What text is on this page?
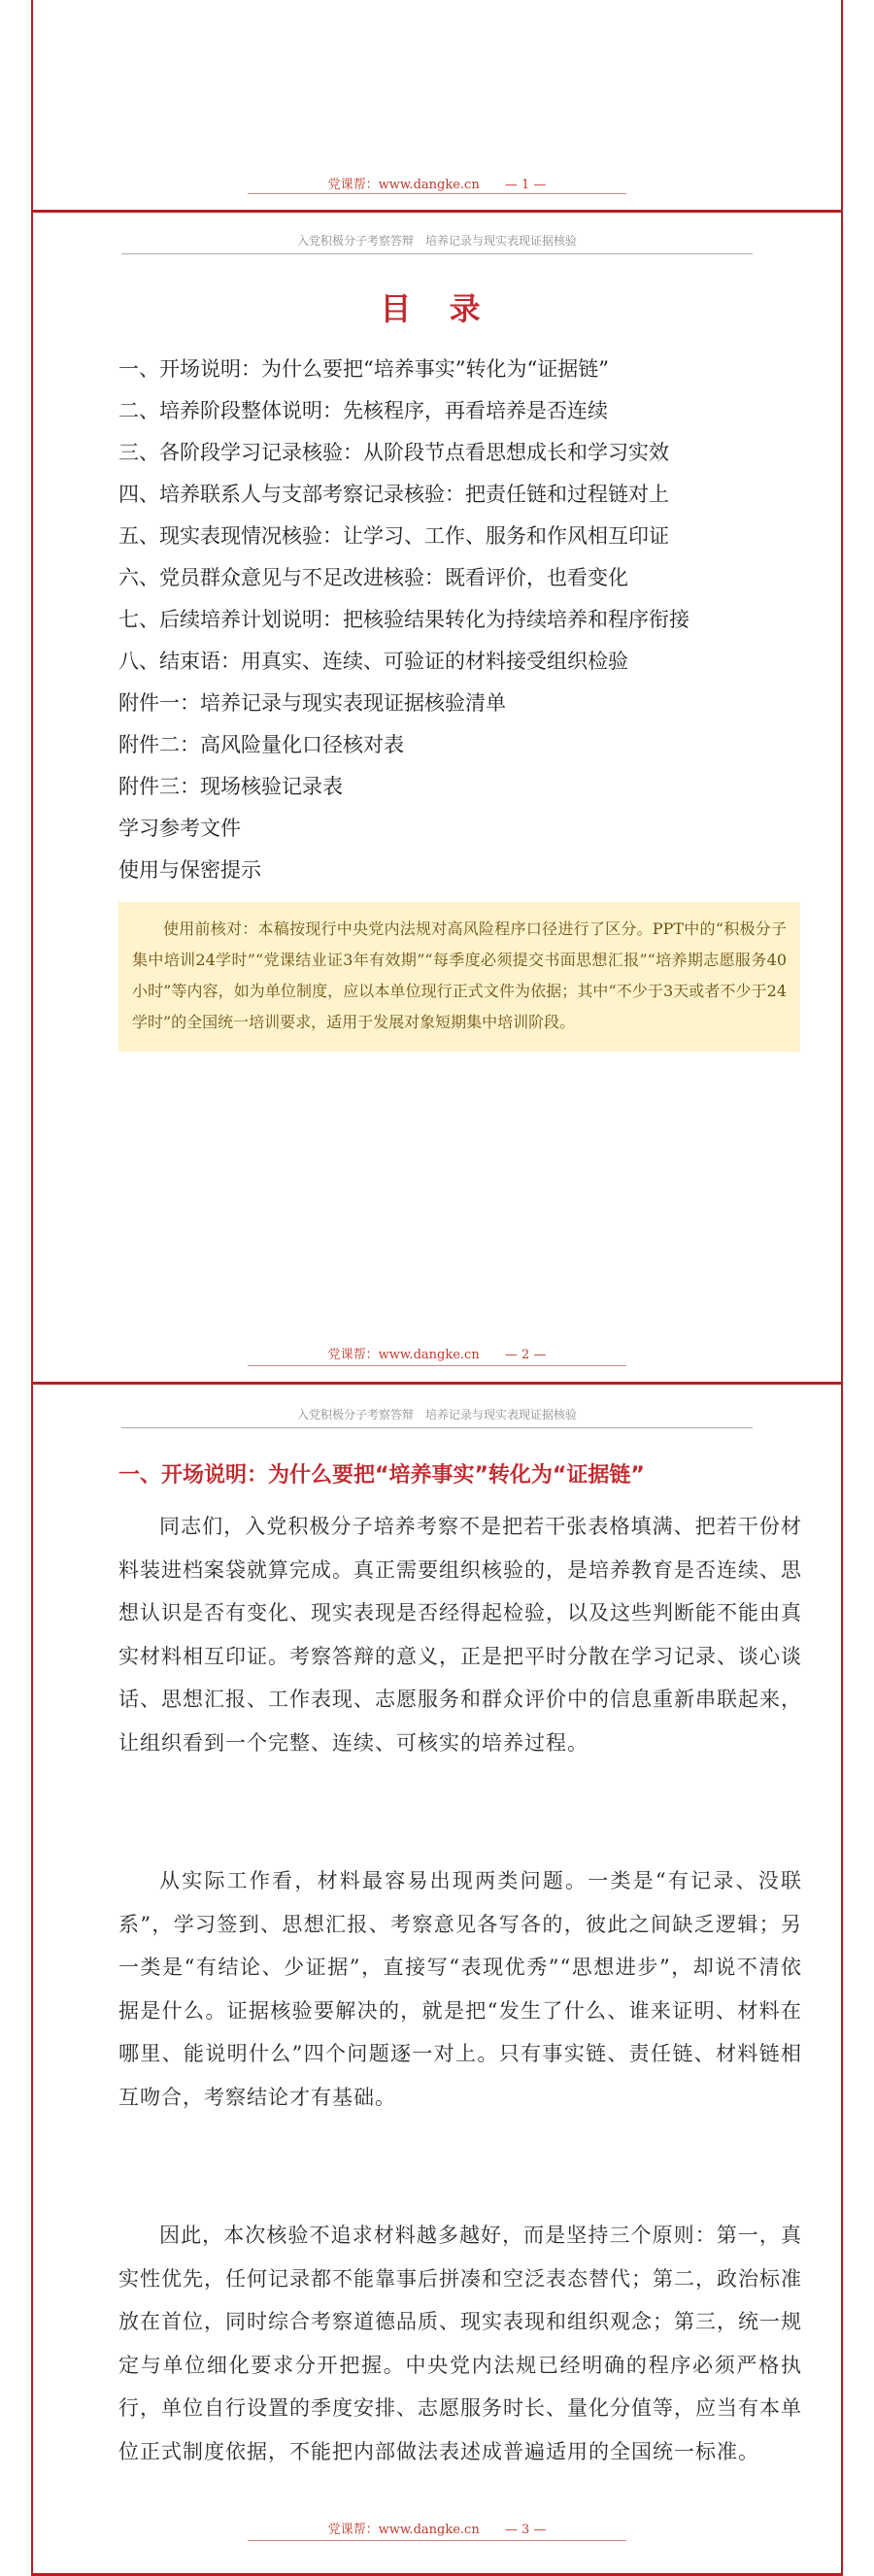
党课帮：www.dangke.cn — 1 —
入党积极分子考察答辩　培养记录与现实表现证据核验
目 录
一、开场说明：为什么要把“培养事实”转化为“证据链”
二、培养阶段整体说明：先核程序，再看培养是否连续
三、各阶段学习记录核验：从阶段节点看思想成长和学习实效
四、培养联系人与支部考察记录核验：把责任链和过程链对上
五、现实表现情况核验：让学习、工作、服务和作风相互印证
六、党员群众意见与不足改进核验：既看评价，也看变化
七、后续培养计划说明：把核验结果转化为持续培养和程序衔接
八、结束语：用真实、连续、可验证的材料接受组织检验
附件一：培养记录与现实表现证据核验清单
附件二：高风险量化口径核对表
附件三：现场核验记录表
学习参考文件
使用与保密提示
使用前核对：本稿按现行中央党内法规对高风险程序口径进行了区分。PPT中的“积极分子集中培训24学时”“党课结业证3年有效期”“每季度必须提交书面思想汇报”“培养期志愿服务40小时”等内容，如为单位制度，应以本单位现行正式文件为依据；其中“不少于3天或者不少于24学时”的全国统一培训要求，适用于发展对象短期集中培训阶段。
党课帮：www.dangke.cn — 2 —
入党积极分子考察答辩　培养记录与现实表现证据核验
一、开场说明：为什么要把“培养事实”转化为“证据链”
同志们，入党积极分子培养考察不是把若干张表格填满、把若干份材料装进档案袋就算完成。真正需要组织核验的，是培养教育是否连续、思想认识是否有变化、现实表现是否经得起检验，以及这些判断能不能由真实材料相互印证。考察答辩的意义，正是把平时分散在学习记录、谈心谈话、思想汇报、工作表现、志愿服务和群众评价中的信息重新串联起来，让组织看到一个完整、连续、可核实的培养过程。
从实际工作看，材料最容易出现两类问题。一类是“有记录、没联系”，学习签到、思想汇报、考察意见各写各的，彼此之间缺乏逻辑；另一类是“有结论、少证据”，直接写“表现优秀”“思想进步”，却说不清依据是什么。证据核验要解决的，就是把“发生了什么、谁来证明、材料在哪里、能说明什么”四个问题逐一对上。只有事实链、责任链、材料链相互吻合，考察结论才有基础。
因此，本次核验不追求材料越多越好，而是坚持三个原则：第一，真实性优先，任何记录都不能靠事后拼凑和空泛表态替代；第二，政治标准放在首位，同时综合考察道德品质、现实表现和组织观念；第三，统一规定与单位细化要求分开把握。中央党内法规已经明确的程序必须严格执行，单位自行设置的季度安排、志愿服务时长、量化分值等，应当有本单位正式制度依据，不能把内部做法表述成普遍适用的全国统一标准。
党课帮：www.dangke.cn — 3 —
